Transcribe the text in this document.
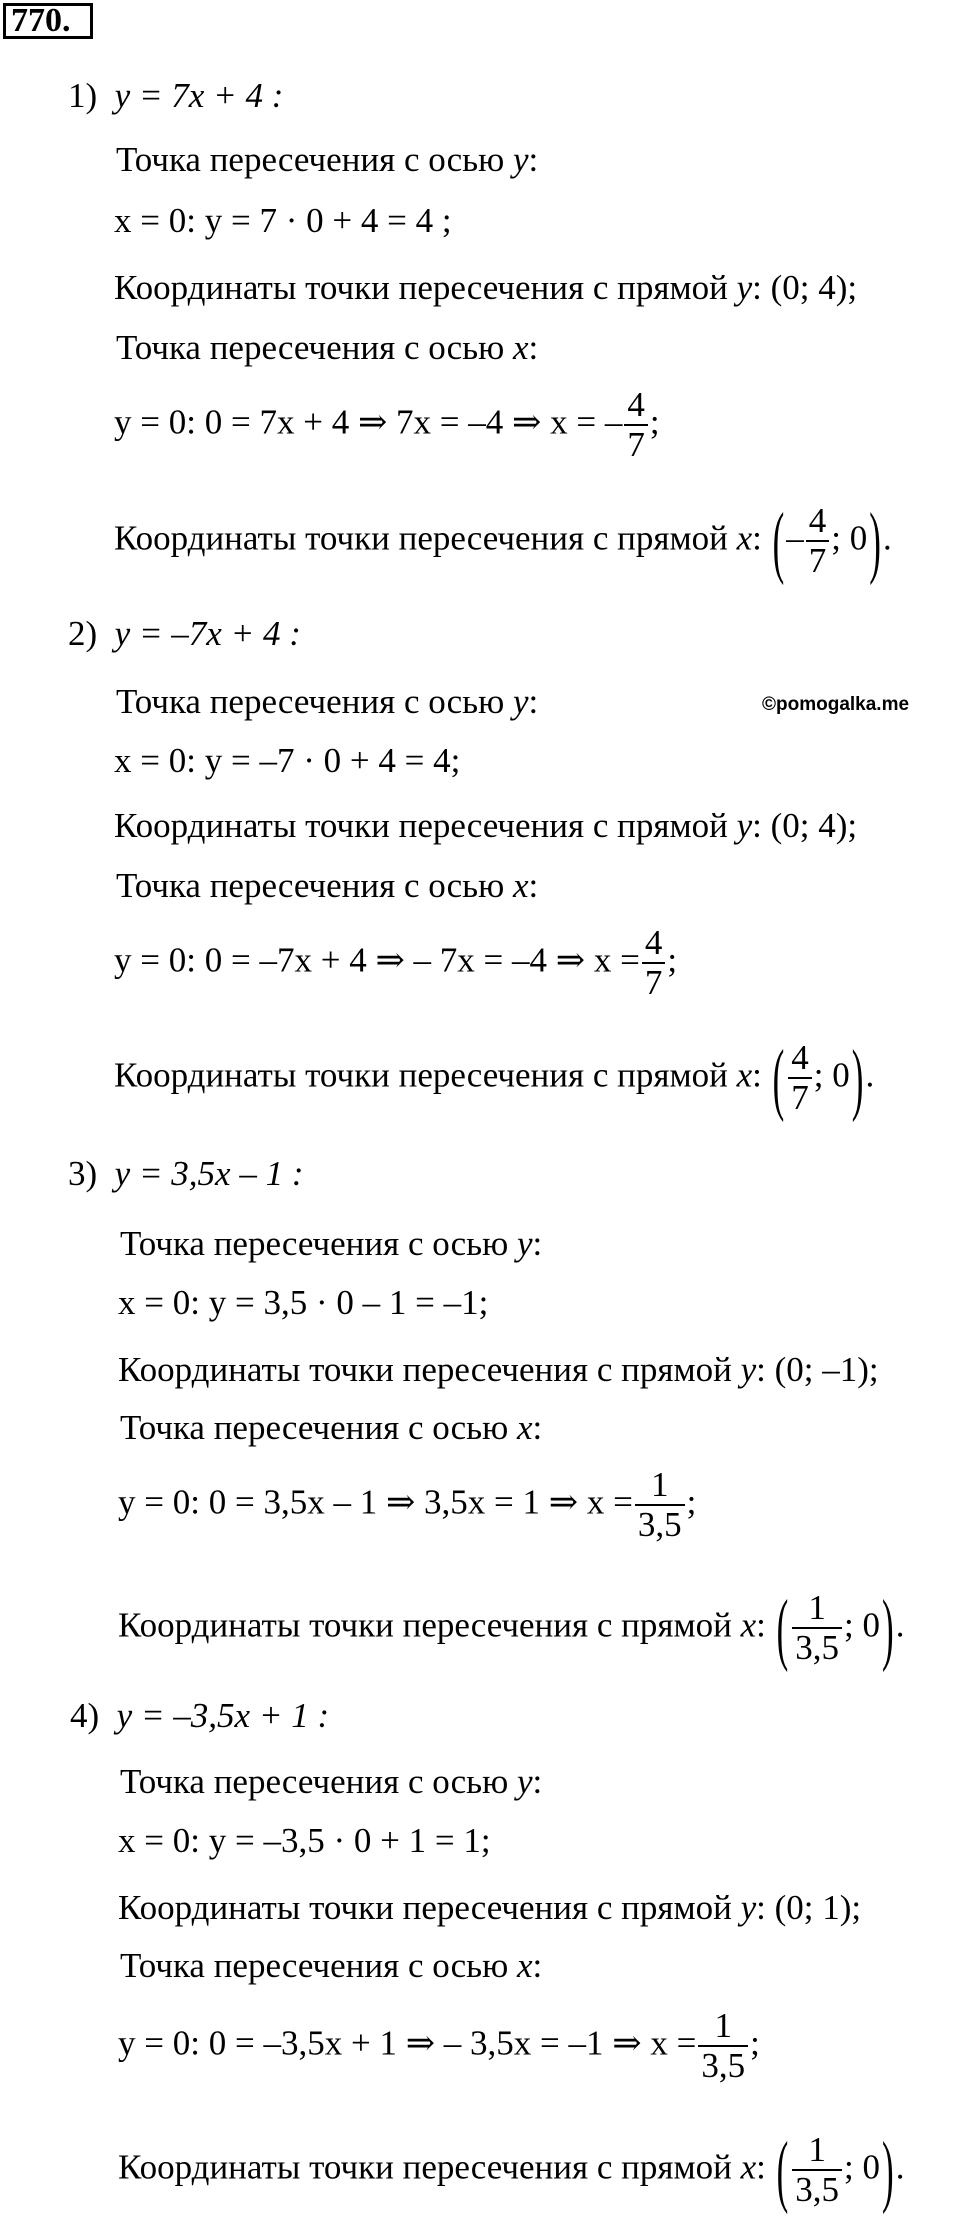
770.
©pomogalka.me
1) y = 7x + 4 :
Точка пересечения с осью y:
x = 0: y = 7 · 0 + 4 = 4 ;
Координаты точки пересечения с прямой y: (0; 4);
Точка пересечения с осью x:
y = 0: 0 = 7x + 4 ⇒ 7x = –4 ⇒ x = – $\frac{4}{7}$ ;
Координаты точки пересечения с прямой x: (– $\frac{4}{7}$ ; 0).
2) y = –7x + 4 :
Точка пересечения с осью y:
x = 0: y = –7 · 0 + 4 = 4;
Координаты точки пересечения с прямой y: (0; 4);
Точка пересечения с осью x:
y = 0: 0 = –7x + 4 ⇒ – 7x = –4 ⇒ $x = \frac{4}{7}$ ;
Координаты точки пересечения с прямой x: ( $\frac{4}{7}$ ; 0).
3) y = 3,5x – 1 :
Точка пересечения с осью y:
x = 0: y = 3,5 · 0 – 1 = –1;
Координаты точки пересечения с прямой y: (0; –1);
Точка пересечения с осью x:
y = 0: 0 = 3,5x – 1 ⇒ 3,5x = 1 ⇒ $x = \frac{1}{3,5}$ ;
Координаты точки пересечения с прямой x: ( $\frac{1}{3,5}$ ; 0).
4) y = –3,5x + 1 :
Точка пересечения с осью y:
x = 0: y = –3,5 · 0 + 1 = 1;
Координаты точки пересечения с прямой y: (0; 1);
Точка пересечения с осью x:
y = 0: 0 = –3,5x + 1 ⇒ – 3,5x = –1 ⇒ $x = \frac{1}{3,5}$ ;
Координаты точки пересечения с прямой x: ( $\frac{1}{3,5}$ ; 0).
